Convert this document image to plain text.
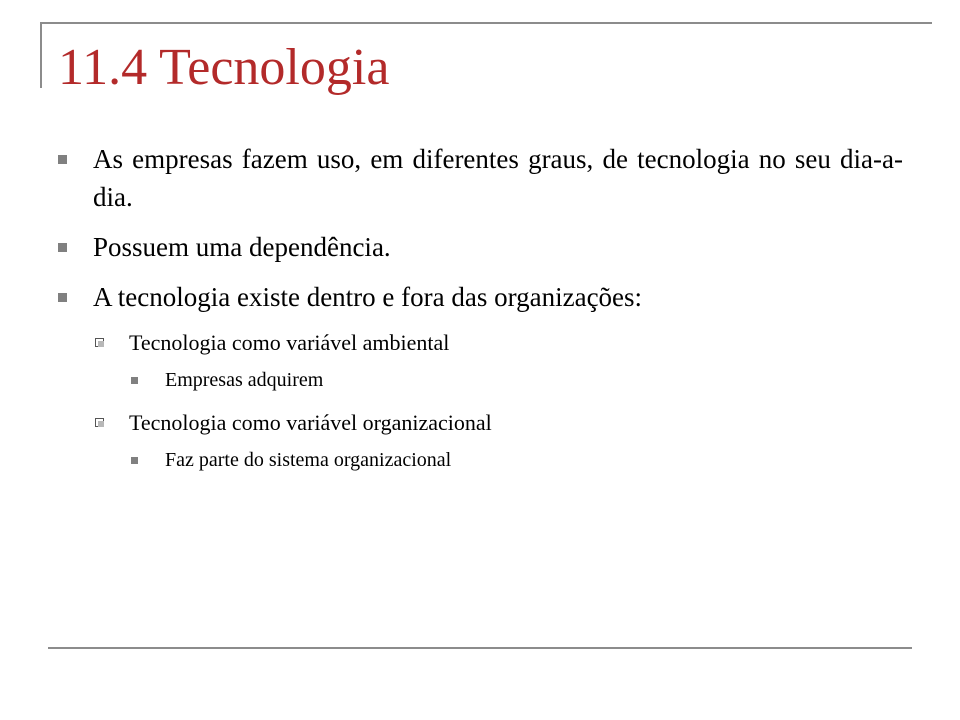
11.4 Tecnologia
As empresas fazem uso, em diferentes graus, de tecnologia no seu dia-a-dia.
Possuem uma dependência.
A tecnologia existe dentro e fora das organizações:
Tecnologia como variável ambiental
Empresas adquirem
Tecnologia como variável organizacional
Faz parte do sistema organizacional
